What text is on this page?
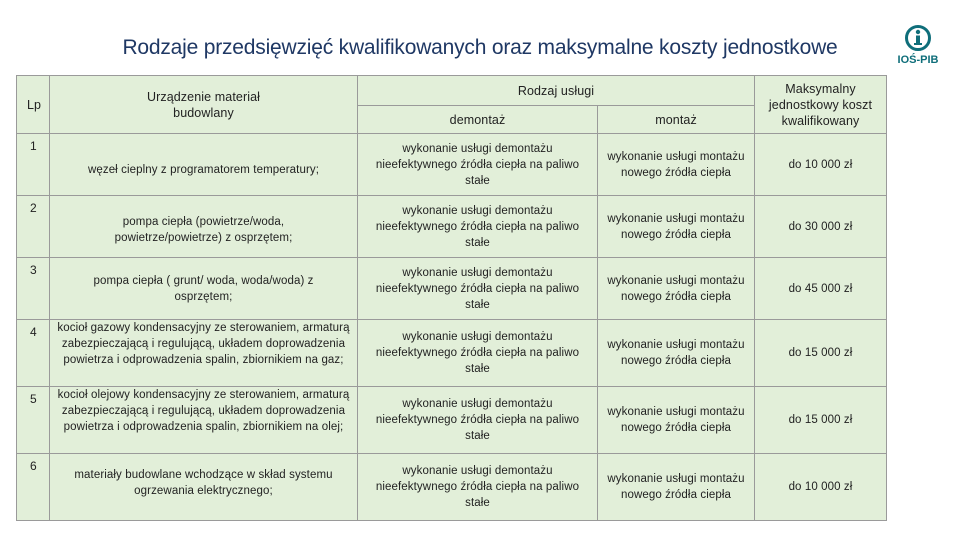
Rodzaje przedsięwzięć kwalifikowanych oraz maksymalne koszty jednostkowe
IOŚ-PIB
Lp	Urządzenie materiał budowlany	Rodzaj usługi		Maksymalny jednostkowy koszt kwalifikowany
		demontaż	montaż	
1	węzeł cieplny z programatorem temperatury;	wykonanie usługi demontażu nieefektywnego źródła ciepła na paliwo stałe	wykonanie usługi montażu nowego źródła ciepła	do 10 000 zł
2	pompa ciepła (powietrze/woda, powietrze/powietrze) z osprzętem;	wykonanie usługi demontażu nieefektywnego źródła ciepła na paliwo stałe	wykonanie usługi montażu nowego źródła ciepła	do 30 000 zł
3	pompa ciepła ( grunt/ woda, woda/woda) z osprzętem;	wykonanie usługi demontażu nieefektywnego źródła ciepła na paliwo stałe	wykonanie usługi montażu nowego źródła ciepła	do 45 000 zł
4	kocioł gazowy kondensacyjny ze sterowaniem, armaturą zabezpieczającą i regulującą, układem doprowadzenia powietrza i odprowadzenia spalin, zbiornikiem na gaz;	wykonanie usługi demontażu nieefektywnego źródła ciepła na paliwo stałe	wykonanie usługi montażu nowego źródła ciepła	do 15 000 zł
5	kocioł olejowy kondensacyjny ze sterowaniem, armaturą zabezpieczającą i regulującą, układem doprowadzenia powietrza i odprowadzenia spalin, zbiornikiem na olej;	wykonanie usługi demontażu nieefektywnego źródła ciepła na paliwo stałe	wykonanie usługi montażu nowego źródła ciepła	do 15 000 zł
6	materiały budowlane wchodzące w skład systemu ogrzewania elektrycznego;	wykonanie usługi demontażu nieefektywnego źródła ciepła na paliwo stałe	wykonanie usługi montażu nowego źródła ciepła	do 10 000 zł
